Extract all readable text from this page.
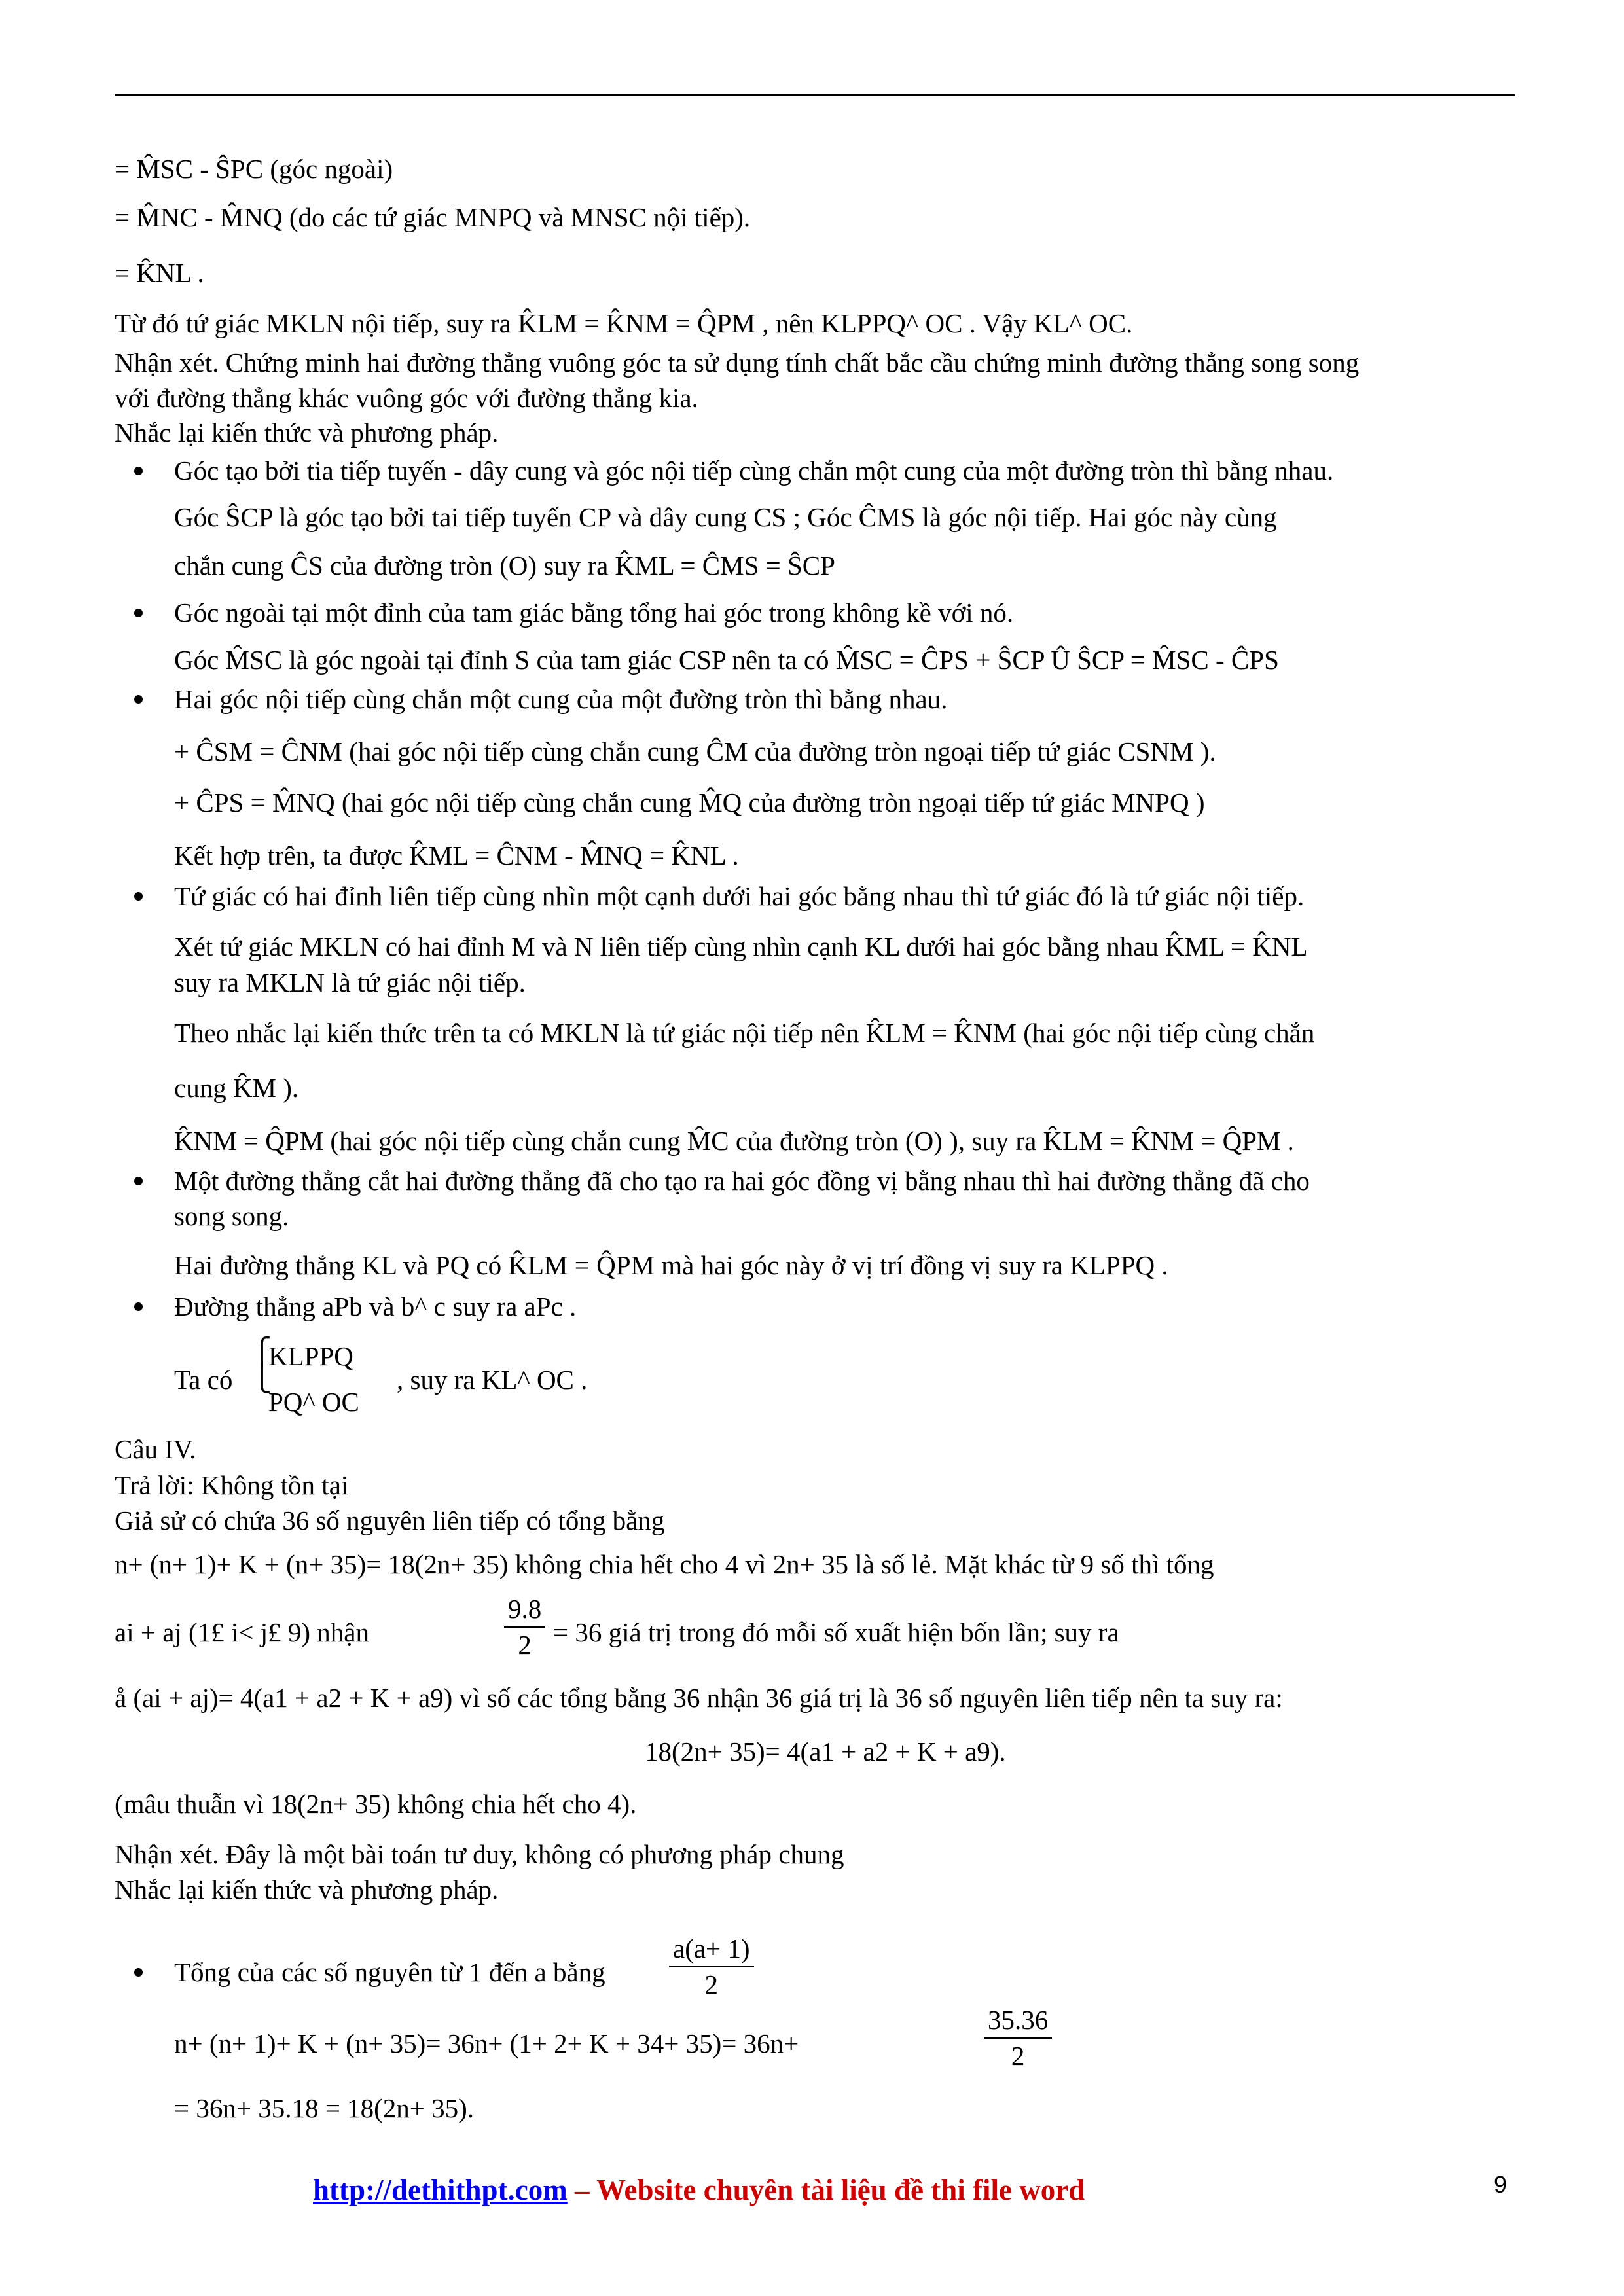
= M̂SC - ŜPC (góc ngoài)
= M̂NC - M̂NQ (do các tứ giác MNPQ và MNSC nội tiếp).
= K̂NL .
Từ đó tứ giác MKLN nội tiếp, suy ra K̂LM = K̂NM = Q̂PM , nên KLPPQ^ OC . Vậy KL^ OC.
Nhận xét. Chứng minh hai đường thẳng vuông góc ta sử dụng tính chất bắc cầu chứng minh đường thẳng song song
với đường thẳng khác vuông góc với đường thẳng kia.
Nhắc lại kiến thức và phương pháp.
Góc tạo bởi tia tiếp tuyến - dây cung và góc nội tiếp cùng chắn một cung của một đường tròn thì bằng nhau.
Góc ŜCP là góc tạo bởi tai tiếp tuyến CP và dây cung CS ; Góc ĈMS là góc nội tiếp. Hai góc này cùng
chắn cung ĈS của đường tròn (O) suy ra K̂ML = ĈMS = ŜCP
Góc ngoài tại một đỉnh của tam giác bằng tổng hai góc trong không kề với nó.
Góc M̂SC là góc ngoài tại đỉnh S của tam giác CSP nên ta có M̂SC = ĈPS + ŜCP Û ŜCP = M̂SC - ĈPS
Hai góc nội tiếp cùng chắn một cung của một đường tròn thì bằng nhau.
+ ĈSM = ĈNM (hai góc nội tiếp cùng chắn cung ĈM của đường tròn ngoại tiếp tứ giác CSNM ).
+ ĈPS = M̂NQ (hai góc nội tiếp cùng chắn cung M̂Q của đường tròn ngoại tiếp tứ giác MNPQ )
Kết hợp trên, ta được K̂ML = ĈNM - M̂NQ = K̂NL .
Tứ giác có hai đỉnh liên tiếp cùng nhìn một cạnh dưới hai góc bằng nhau thì tứ giác đó là tứ giác nội tiếp.
Xét tứ giác MKLN có hai đỉnh M và N liên tiếp cùng nhìn cạnh KL dưới hai góc bằng nhau K̂ML = K̂NL
suy ra MKLN là tứ giác nội tiếp.
Theo nhắc lại kiến thức trên ta có MKLN là tứ giác nội tiếp nên K̂LM = K̂NM (hai góc nội tiếp cùng chắn
cung K̂M ).
K̂NM = Q̂PM (hai góc nội tiếp cùng chắn cung M̂C của đường tròn (O) ), suy ra K̂LM = K̂NM = Q̂PM .
Một đường thẳng cắt hai đường thẳng đã cho tạo ra hai góc đồng vị bằng nhau thì hai đường thẳng đã cho
song song.
Hai đường thẳng KL và PQ có K̂LM = Q̂PM mà hai góc này ở vị trí đồng vị suy ra KLPPQ .
Đường thẳng aPb và b^ c suy ra aPc .
Ta có
⎧
⎩
KLPPQ
PQ^ OC
, suy ra KL^ OC .
Câu IV.
Trả lời: Không tồn tại
Giả sử có chứa 36 số nguyên liên tiếp có tổng bằng
n+ (n+ 1)+ K + (n+ 35)= 18(2n+ 35) không chia hết cho 4 vì 2n+ 35 là số lẻ. Mặt khác từ 9 số thì tổng
ai + aj (1£ i< j£ 9) nhận	$\frac{9.8}{2} = 36$ giá trị trong đó mỗi số xuất hiện bốn lần; suy ra
å (ai + aj)= 4(a1 + a2 + K + a9) vì số các tổng bằng 36 nhận 36 giá trị là 36 số nguyên liên tiếp nên ta suy ra:
18(2n+ 35)= 4(a1 + a2 + K + a9).
(mâu thuẫn vì 18(2n+ 35) không chia hết cho 4).
Nhận xét. Đây là một bài toán tư duy, không có phương pháp chung
Nhắc lại kiến thức và phương pháp.
Tổng của các số nguyên từ 1 đến a bằng $\frac{a(a+ 1)}{2}$
n+ (n+ 1)+ K + (n+ 35)= 36n+ (1+ 2+ K + 34+ 35)= 36n+	$\frac{35.36}{2}$
= 36n+ 35.18 = 18(2n+ 35).
http://dethithpt.com – Website chuyên tài liệu đề thi file word	9
